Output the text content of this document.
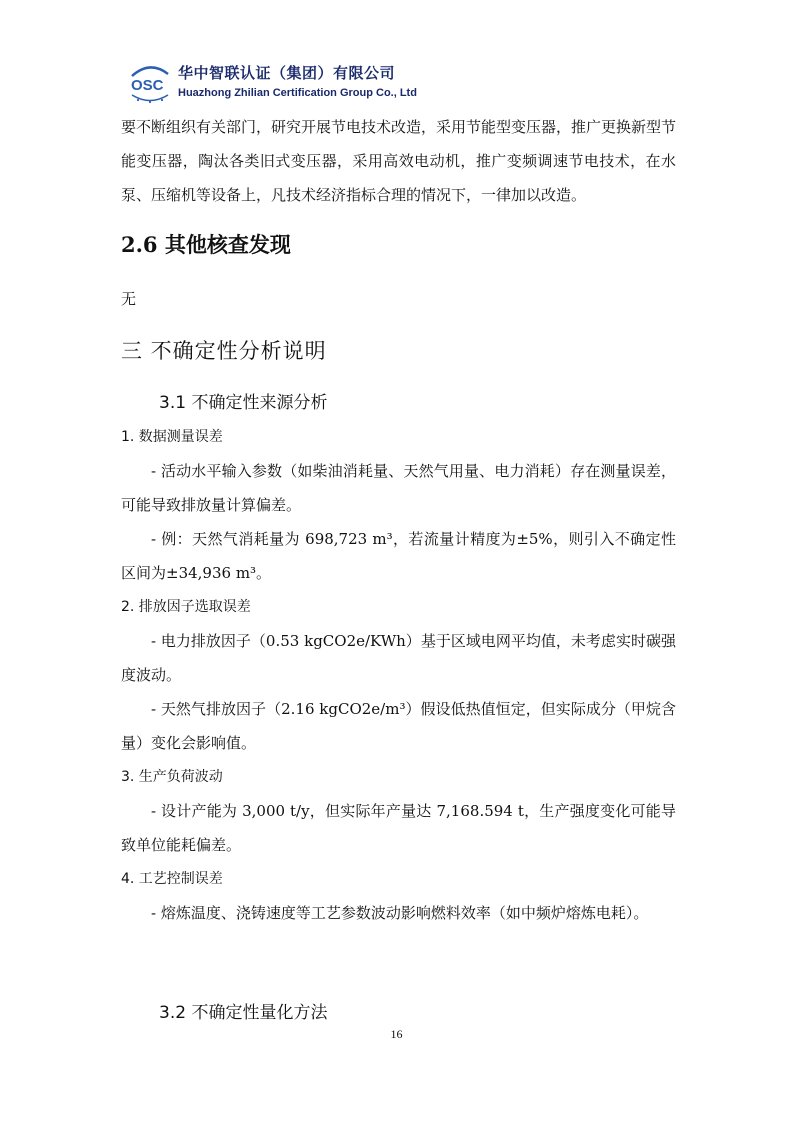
OSC
华中智联认证（集团）有限公司
Huazhong Zhilian Certification Group Co., Ltd

要不断组织有关部门，研究开展节电技术改造，采用节能型变压器，推广更换新型节能变压器，陶汰各类旧式变压器，采用高效电动机，推广变频调速节电技术，在水泵、压缩机等设备上，凡技术经济指标合理的情况下，一律加以改造。

2.6 其他核查发现

无

三 不确定性分析说明
3.1 不确定性来源分析
1. 数据测量误差

- 活动水平输入参数（如柴油消耗量、天然气用量、电力消耗）存在测量误差，可能导致排放量计算偏差。

- 例：天然气消耗量为 698,723 m³，若流量计精度为±5%，则引入不确定性区间为±34,936 m³。

2. 排放因子选取误差

- 电力排放因子（0.53 kgCO2e/KWh）基于区域电网平均值，未考虑实时碳强度波动。

- 天然气排放因子（2.16 kgCO2e/m³）假设低热值恒定，但实际成分（甲烷含量）变化会影响值。

3. 生产负荷波动

- 设计产能为 3,000 t/y，但实际年产量达 7,168.594 t，生产强度变化可能导致单位能耗偏差。

4. 工艺控制误差

- 熔炼温度、浇铸速度等工艺参数波动影响燃料效率（如中频炉熔炼电耗）。

3.2 不确定性量化方法
16
